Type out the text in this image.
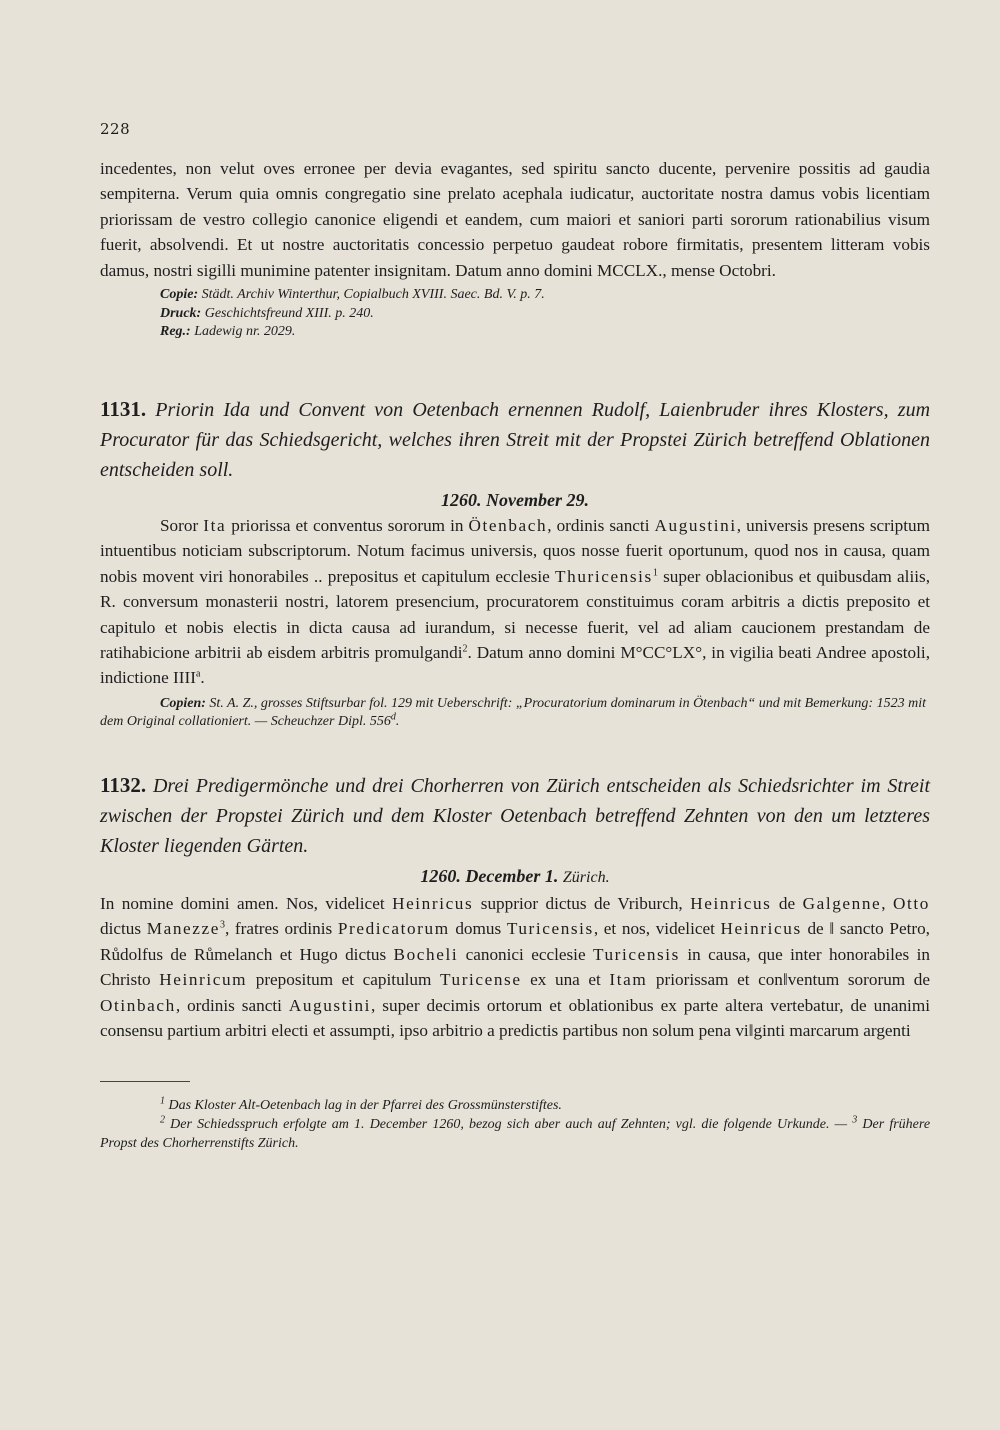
228

incedentes, non velut oves erronee per devia evagantes, sed spiritu sancto ducente, pervenire possitis ad gaudia sempiterna. Verum quia omnis congregatio sine prelato acephala iudicatur, auctoritate nostra damus vobis licentiam priorissam de vestro collegio canonice eligendi et eandem, cum maiori et saniori parti sororum rationabilius visum fuerit, absolvendi. Et ut nostre auctoritatis concessio perpetuo gaudeat robore firmitatis, presentem litteram vobis damus, nostri sigilli munimine patenter insignitam. Datum anno domini MCCLX., mense Octobri.

Copie: Städt. Archiv Winterthur, Copialbuch XVIII. Saec. Bd. V. p. 7.

Druck: Geschichtsfreund XIII. p. 240.

Reg.: Ladewig nr. 2029.

1131. Priorin Ida und Convent von Oetenbach ernennen Rudolf, Laienbruder ihres Klosters, zum Procurator für das Schiedsgericht, welches ihren Streit mit der Propstei Zürich betreffend Oblationen entscheiden soll.

1260. November 29.

Soror Ita priorissa et conventus sororum in Ötenbach, ordinis sancti Augustini, universis presens scriptum intuentibus noticiam subscriptorum. Notum facimus universis, quos nosse fuerit oportunum, quod nos in causa, quam nobis movent viri honorabiles .. prepositus et capitulum ecclesie Thuricensis$^1$ super oblacionibus et quibusdam aliis, R. conversum monasterii nostri, latorem presencium, procuratorem constituimus coram arbitris a dictis preposito et capitulo et nobis electis in dicta causa ad iurandum, si necesse fuerit, vel ad aliam caucionem prestandam de ratihabicione arbitrii ab eisdem arbitris promulgandi$^2$. Datum anno domini M°CC°LX°, in vigilia beati Andree apostoli, indictione IIII$^a$.

Copien: St. A. Z., grosses Stiftsurbar fol. 129 mit Ueberschrift: „Procuratorium dominarum in Ötenbach“ und mit Bemerkung: 1523 mit dem Original collationiert. — Scheuchzer Dipl. 556$^d$.

1132. Drei Predigermönche und drei Chorherren von Zürich entscheiden als Schiedsrichter im Streit zwischen der Propstei Zürich und dem Kloster Oetenbach betreffend Zehnten von den um letzteres Kloster liegenden Gärten.

1260. December 1. Zürich.

In nomine domini amen. Nos, videlicet Heinricus supprior dictus de Vriburch, Heinricus de Galgenne, Otto dictus Manezze$^3$, fratres ordinis Predicatorum domus Turicensis, et nos, videlicet Heinricus de ‖ sancto Petro, Růdolfus de Růmelanch et Hugo dictus Bocheli canonici ecclesie Turicensis in causa, que inter honorabiles in Christo Heinricum prepositum et capitulum Turicense ex una et Itam priorissam et con‖ventum sororum de Otinbach, ordinis sancti Augustini, super decimis ortorum et oblationibus ex parte altera vertebatur, de unanimi consensu partium arbitri electi et assumpti, ipso arbitrio a predictis partibus non solum pena vi‖ginti marcarum argenti

$^1$ Das Kloster Alt-Oetenbach lag in der Pfarrei des Grossmünsterstiftes.

$^2$ Der Schiedsspruch erfolgte am 1. December 1260, bezog sich aber auch auf Zehnten; vgl. die folgende Urkunde. — $^3$ Der frühere Propst des Chorherrenstifts Zürich.
